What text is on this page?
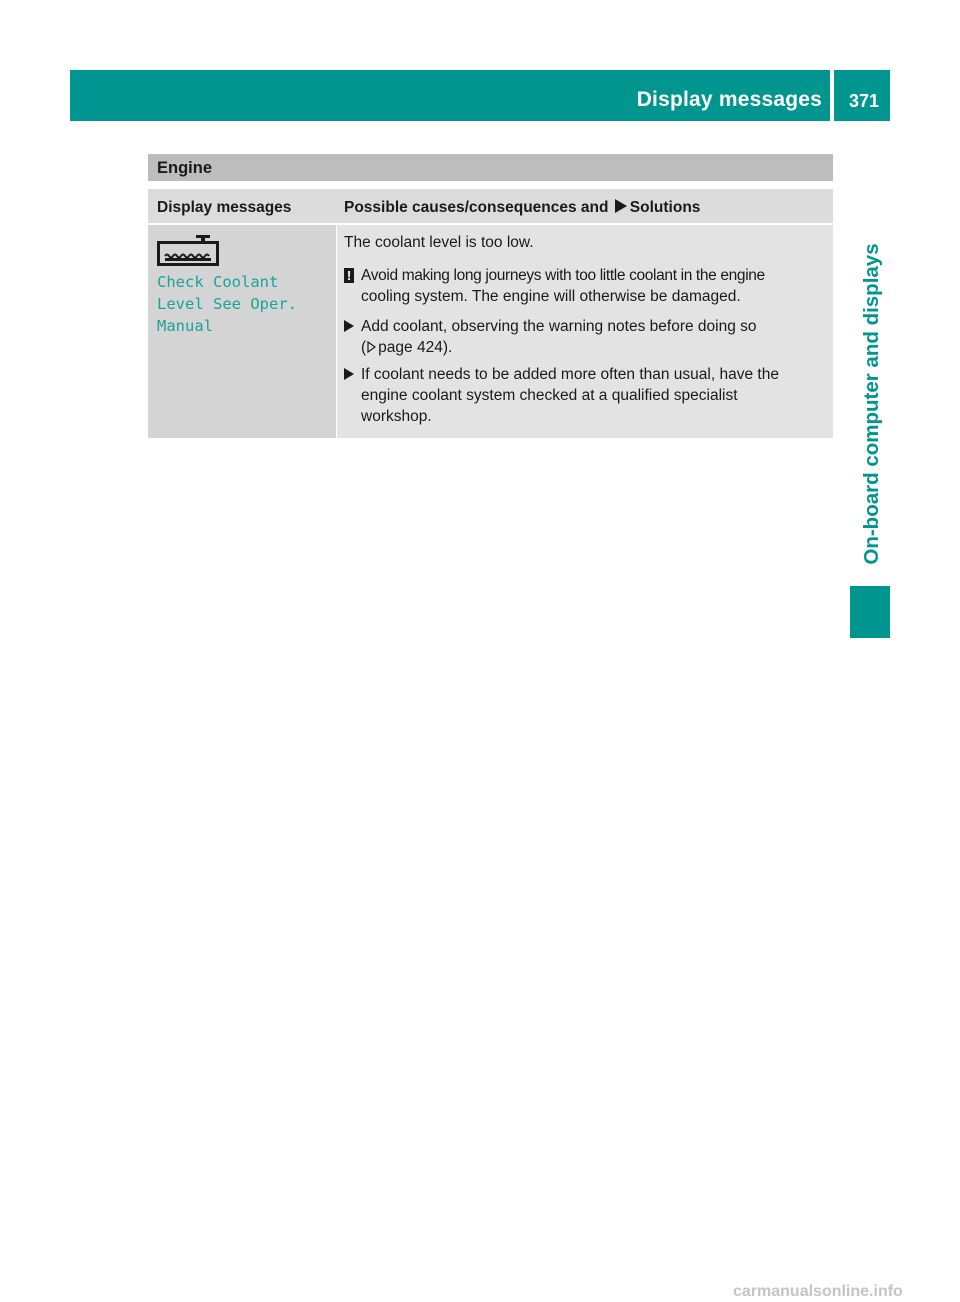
Display messages	371
On-board computer and displays
Engine
Display messages	Possible causes/consequences and Solutions
Check Coolant
Level See Oper.
Manual
The coolant level is too low.
! Avoid making long journeys with too little coolant in the engine
cooling system. The engine will otherwise be damaged.
Add coolant, observing the warning notes before doing so
( page 424).
If coolant needs to be added more often than usual, have the
engine coolant system checked at a qualified specialist
workshop.
carmanualsonline.info
